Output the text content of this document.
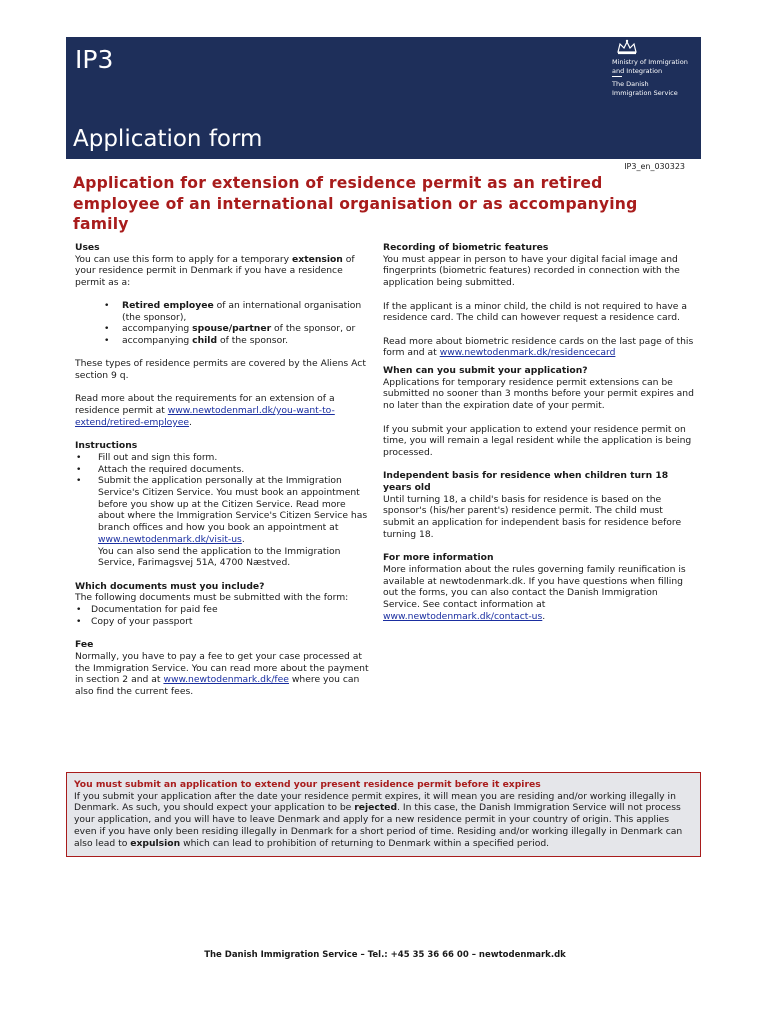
IP3
Application form
Ministry of Immigration
and Integration
The Danish
Immigration Service
IP3_en_030323
Application for extension of residence permit as an retired employee of an international organisation or as accompanying family

Uses

You can use this form to apply for a temporary extension of your residence permit in Denmark if you have a residence permit as a:

• Retired employee of an international organisation (the sponsor),
• accompanying spouse/partner of the sponsor, or
• accompanying child of the sponsor.

These types of residence permits are covered by the Aliens Act section 9 q.

Read more about the requirements for an extension of a residence permit at www.newtodenmarl.dk/you-want-to-extend/retired-employee.

Instructions

• Fill out and sign this form.
• Attach the required documents.
• Submit the application personally at the Immigration Service's Citizen Service. You must book an appointment before you show up at the Citizen Service. Read more about where the Immigration Service's Citizen Service has branch offices and how you book an appointment at www.newtodenmark.dk/visit-us.
You can also send the application to the Immigration Service, Farimagsvej 51A, 4700 Næstved.

Which documents must you include?

The following documents must be submitted with the form:

• Documentation for paid fee
• Copy of your passport

Fee

Normally, you have to pay a fee to get your case processed at the Immigration Service. You can read more about the payment in section 2 and at www.newtodenmark.dk/fee where you can also find the current fees.

Recording of biometric features

You must appear in person to have your digital facial image and fingerprints (biometric features) recorded in connection with the application being submitted.

If the applicant is a minor child, the child is not required to have a residence card. The child can however request a residence card.

Read more about biometric residence cards on the last page of this form and at www.newtodenmark.dk/residencecard

When can you submit your application?

Applications for temporary residence permit extensions can be submitted no sooner than 3 months before your permit expires and no later than the expiration date of your permit.

If you submit your application to extend your residence permit on time, you will remain a legal resident while the application is being processed.

Independent basis for residence when children turn 18 years old

Until turning 18, a child's basis for residence is based on the sponsor's (his/her parent's) residence permit. The child must submit an application for independent basis for residence before turning 18.

For more information

More information about the rules governing family reunification is available at newtodenmark.dk. If you have questions when filling out the forms, you can also contact the Danish Immigration Service. See contact information at www.newtodenmark.dk/contact-us.

You must submit an application to extend your present residence permit before it expires
If you submit your application after the date your residence permit expires, it will mean you are residing and/or working illegally in Denmark. As such, you should expect your application to be rejected. In this case, the Danish Immigration Service will not process your application, and you will have to leave Denmark and apply for a new residence permit in your country of origin. This applies even if you have only been residing illegally in Denmark for a short period of time. Residing and/or working illegally in Denmark can also lead to expulsion which can lead to prohibition of returning to Denmark within a specified period.
The Danish Immigration Service – Tel.: +45 35 36 66 00 – newtodenmark.dk
